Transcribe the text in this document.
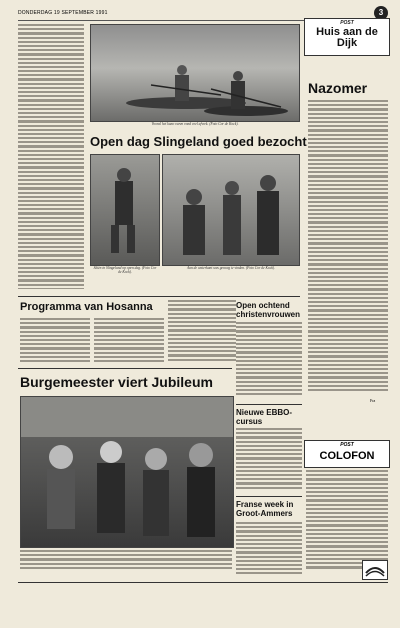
DONDERDAG 19 SEPTEMBER 1991	3
Vooral het kano varen vond veel afvrek. (Foto Cor de Kock).
Open dag Slingeland goed bezocht
Skiën in Slingeland op open dag. (Foto Cor de Kock).
Aan de waterkant was genoeg te vinden. (Foto Cor de Kock).
POST
Huis aan de Dijk
Nazomer
Fra
Programma van Hosanna	Open ochtend christenvrouwen
Burgemeester viert Jubileum
Nieuwe EBBO-cursus
Franse week in Groot-Ammers
POST
COLOFON
